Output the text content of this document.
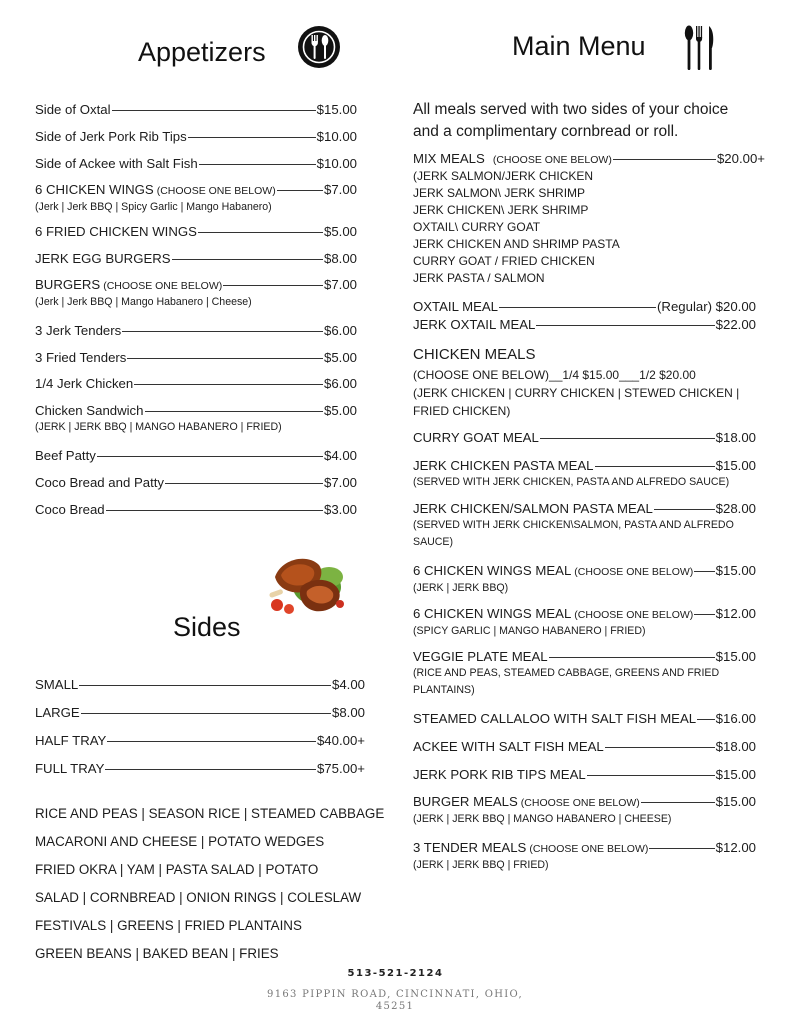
Appetizers
Side of Oxtal	$15.00
Side of Jerk Pork Rib Tips	$10.00
Side of Ackee with Salt Fish	$10.00
6 CHICKEN WINGS (CHOOSE ONE BELOW)	$7.00
(Jerk | Jerk BBQ | Spicy Garlic | Mango Habanero)
6 FRIED CHICKEN WINGS	$5.00
JERK EGG BURGERS	$8.00
BURGERS (CHOOSE ONE BELOW)	$7.00
(Jerk | Jerk BBQ | Mango Habanero | Cheese)
3 Jerk Tenders	$6.00
3 Fried Tenders	$5.00
1/4 Jerk Chicken	$6.00
Chicken Sandwich	$5.00
(JERK | JERK BBQ | MANGO HABANERO | FRIED)
Beef Patty	$4.00
Coco Bread and Patty	$7.00
Coco Bread	$3.00
Sides
SMALL	$4.00
LARGE	$8.00
HALF TRAY	$40.00+
FULL TRAY	$75.00+
RICE AND PEAS | SEASON RICE | STEAMED CABBAGE
MACARONI AND CHEESE | POTATO WEDGES
FRIED OKRA | YAM | PASTA SALAD | POTATO
SALAD | CORNBREAD | ONION RINGS | COLESLAW
FESTIVALS | GREENS | FRIED PLANTAINS
GREEN BEANS | BAKED BEAN | FRIES
Main Menu
All meals served with two sides of your choice
and a complimentary cornbread or roll.
MIX MEALS (CHOOSE ONE BELOW)	$20.00+
(JERK SALMON/JERK CHICKEN
JERK SALMON\ JERK SHRIMP
JERK CHICKEN\ JERK SHRIMP
OXTAIL\ CURRY GOAT
JERK CHICKEN AND SHRIMP PASTA
CURRY GOAT / FRIED CHICKEN
JERK PASTA / SALMON
OXTAIL MEAL	(Regular) $20.00
JERK OXTAIL MEAL	$22.00
CHICKEN MEALS
(CHOOSE ONE BELOW)__1/4 $15.00___1/2 $20.00
(JERK CHICKEN | CURRY CHICKEN | STEWED CHICKEN |
FRIED CHICKEN)
CURRY GOAT MEAL	$18.00
JERK CHICKEN PASTA MEAL	$15.00
(SERVED WITH JERK CHICKEN, PASTA AND ALFREDO SAUCE)
JERK CHICKEN/SALMON PASTA MEAL	$28.00
(SERVED WITH JERK CHICKEN\SALMON, PASTA AND ALFREDO SAUCE)
6 CHICKEN WINGS MEAL (CHOOSE ONE BELOW) $15.00
(JERK | JERK BBQ)
6 CHICKEN WINGS MEAL (CHOOSE ONE BELOW) $12.00
(SPICY GARLIC | MANGO HABANERO | FRIED)
VEGGIE PLATE MEAL	$15.00
(RICE AND PEAS, STEAMED CABBAGE, GREENS AND FRIED PLANTAINS)
STEAMED CALLALOO WITH SALT FISH MEAL $16.00
ACKEE WITH SALT FISH MEAL	$18.00
JERK PORK RIB TIPS MEAL	$15.00
BURGER MEALS (CHOOSE ONE BELOW)	$15.00
(JERK | JERK BBQ | MANGO HABANERO | CHEESE)
3 TENDER MEALS (CHOOSE ONE BELOW)	$12.00
(JERK | JERK BBQ | FRIED)
513-521-2124
9163 PIPPIN ROAD, CINCINNATI, OHIO, 45251
